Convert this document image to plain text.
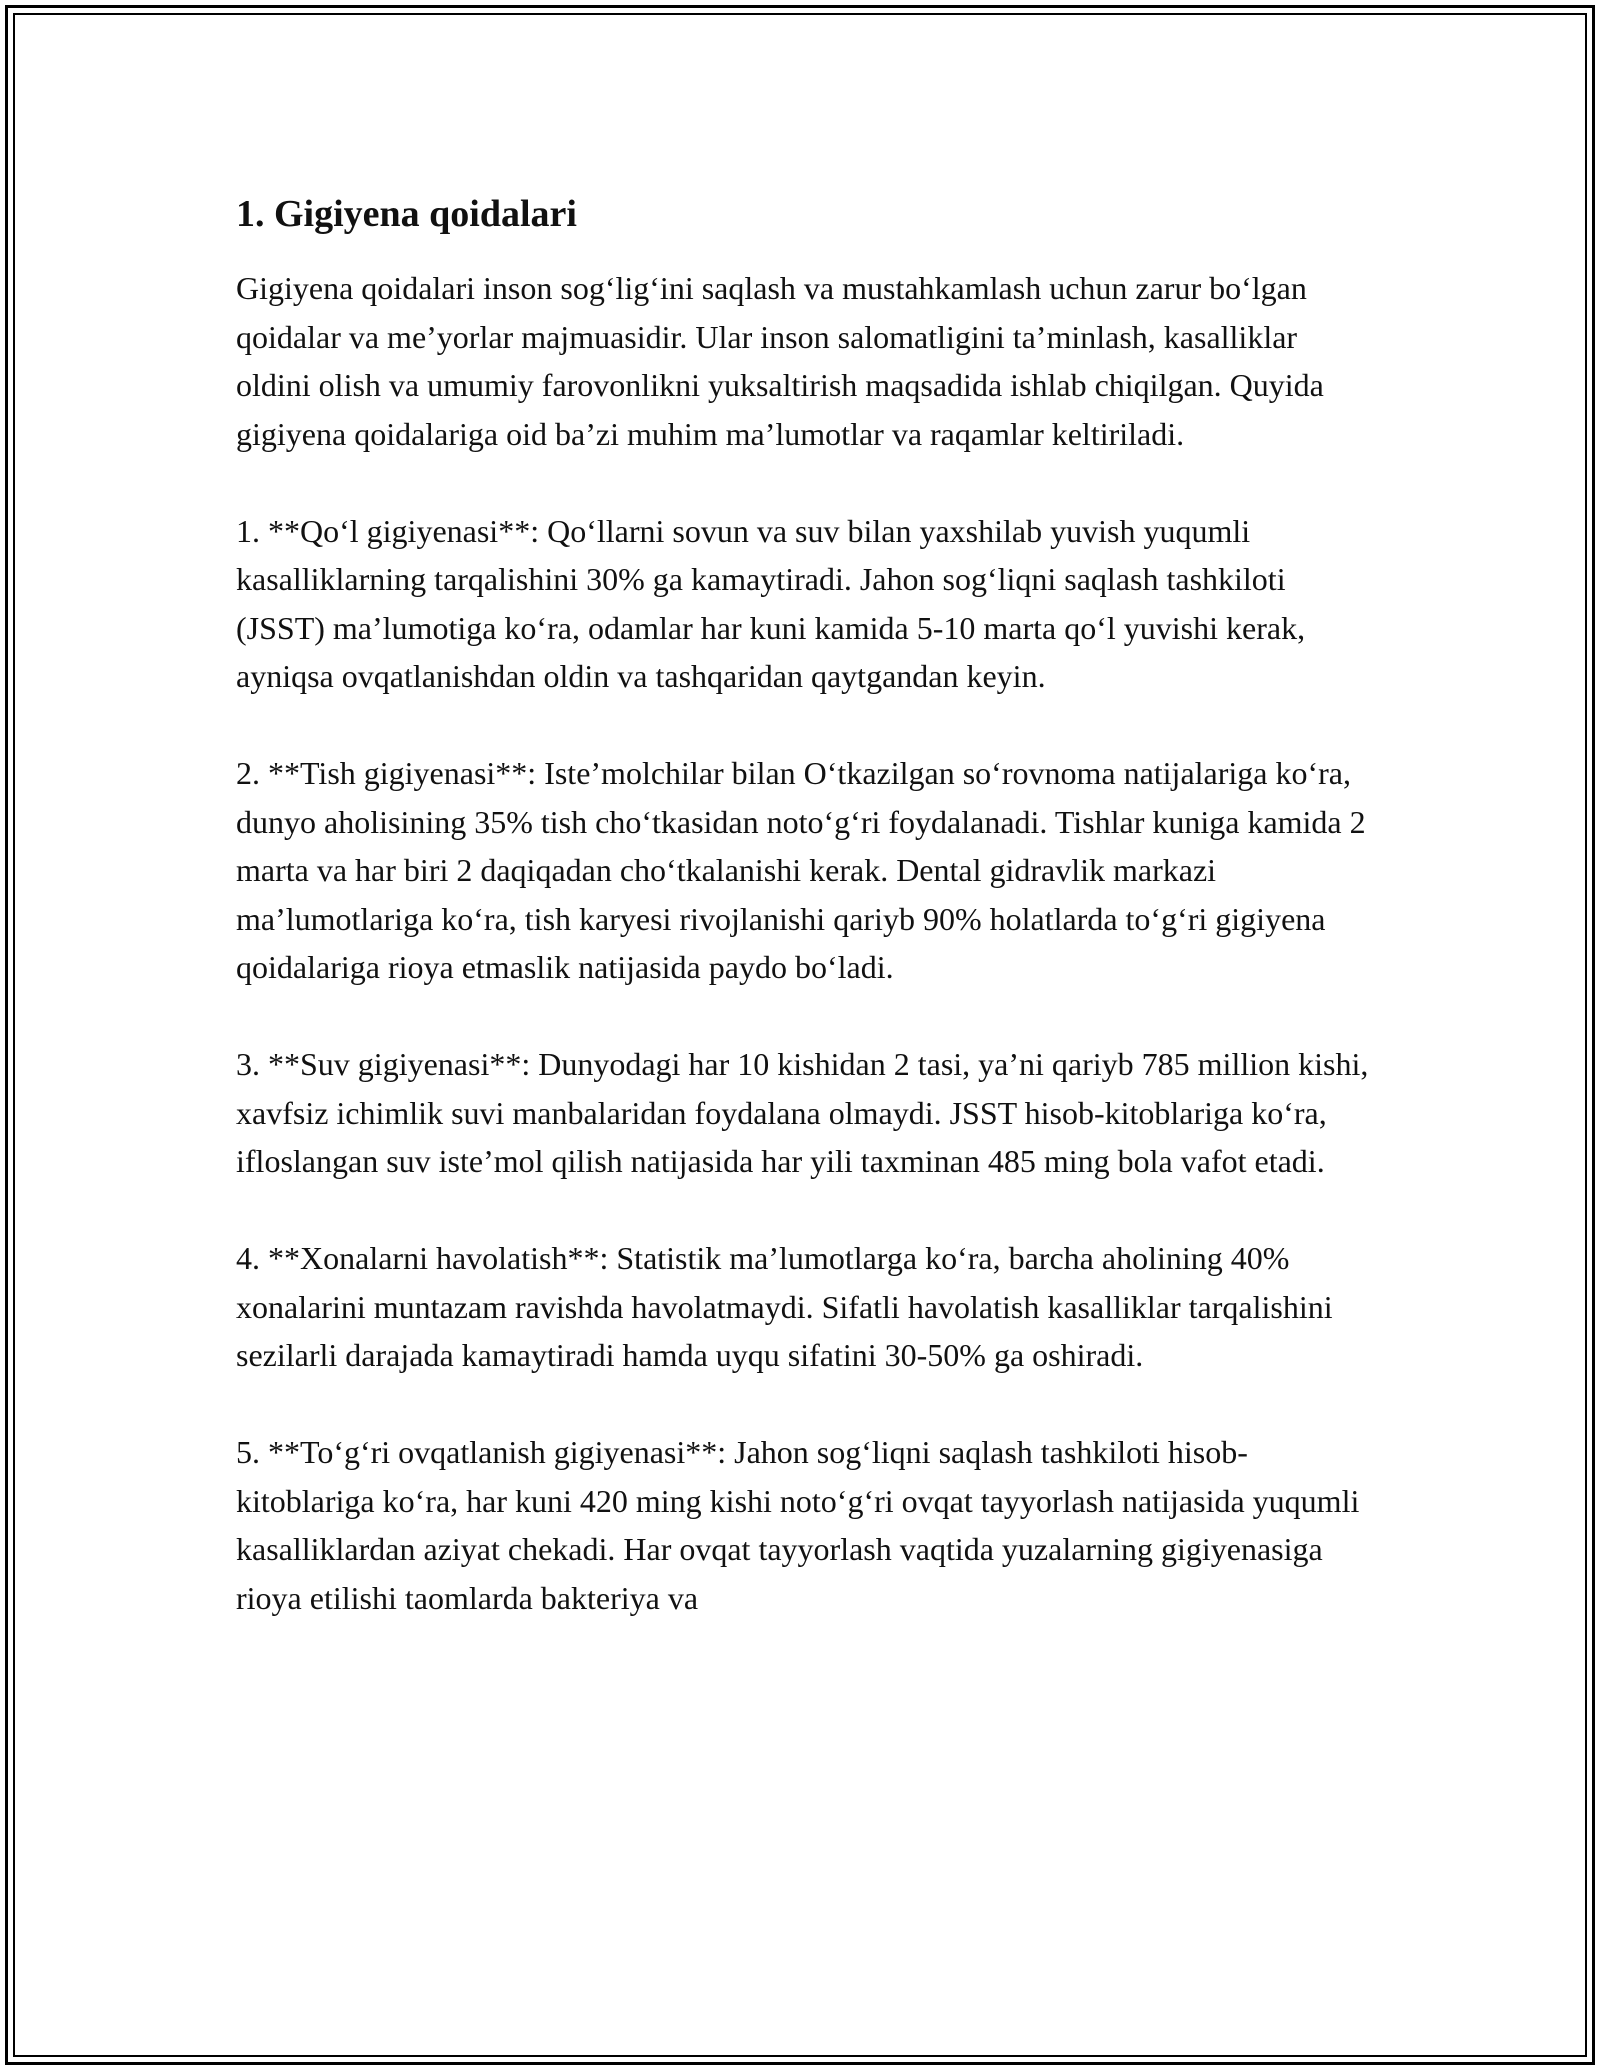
1. Gigiyena qoidalari

Gigiyena qoidalari inson sog‘lig‘ini saqlash va mustahkamlash uchun zarur bo‘lgan qoidalar va me’yorlar majmuasidir. Ular inson salomatligini ta’minlash, kasalliklar oldini olish va umumiy farovonlikni yuksaltirish maqsadida ishlab chiqilgan. Quyida gigiyena qoidalariga oid ba’zi muhim ma’lumotlar va raqamlar keltiriladi.

1. **Qo‘l gigiyenasi**: Qo‘llarni sovun va suv bilan yaxshilab yuvish yuqumli kasalliklarning tarqalishini 30% ga kamaytiradi. Jahon sog‘liqni saqlash tashkiloti (JSST) ma’lumotiga ko‘ra, odamlar har kuni kamida 5-10 marta qo‘l yuvishi kerak, ayniqsa ovqatlanishdan oldin va tashqaridan qaytgandan keyin.

2. **Tish gigiyenasi**: Iste’molchilar bilan O‘tkazilgan so‘rovnoma natijalariga ko‘ra, dunyo aholisining 35% tish cho‘tkasidan noto‘g‘ri foydalanadi. Tishlar kuniga kamida 2 marta va har biri 2 daqiqadan cho‘tkalanishi kerak. Dental gidravlik markazi ma’lumotlariga ko‘ra, tish karyesi rivojlanishi qariyb 90% holatlarda to‘g‘ri gigiyena qoidalariga rioya etmaslik natijasida paydo bo‘ladi.

3. **Suv gigiyenasi**: Dunyodagi har 10 kishidan 2 tasi, ya’ni qariyb 785 million kishi, xavfsiz ichimlik suvi manbalaridan foydalana olmaydi. JSST hisob-kitoblariga ko‘ra, ifloslangan suv iste’mol qilish natijasida har yili taxminan 485 ming bola vafot etadi.

4. **Xonalarni havolatish**: Statistik ma’lumotlarga ko‘ra, barcha aholining 40% xonalarini muntazam ravishda havolatmaydi. Sifatli havolatish kasalliklar tarqalishini sezilarli darajada kamaytiradi hamda uyqu sifatini 30-50% ga oshiradi.

5. **To‘g‘ri ovqatlanish gigiyenasi**: Jahon sog‘liqni saqlash tashkiloti hisob-kitoblariga ko‘ra, har kuni 420 ming kishi noto‘g‘ri ovqat tayyorlash natijasida yuqumli kasalliklardan aziyat chekadi. Har ovqat tayyorlash vaqtida yuzalarning gigiyenasiga rioya etilishi taomlarda bakteriya va
